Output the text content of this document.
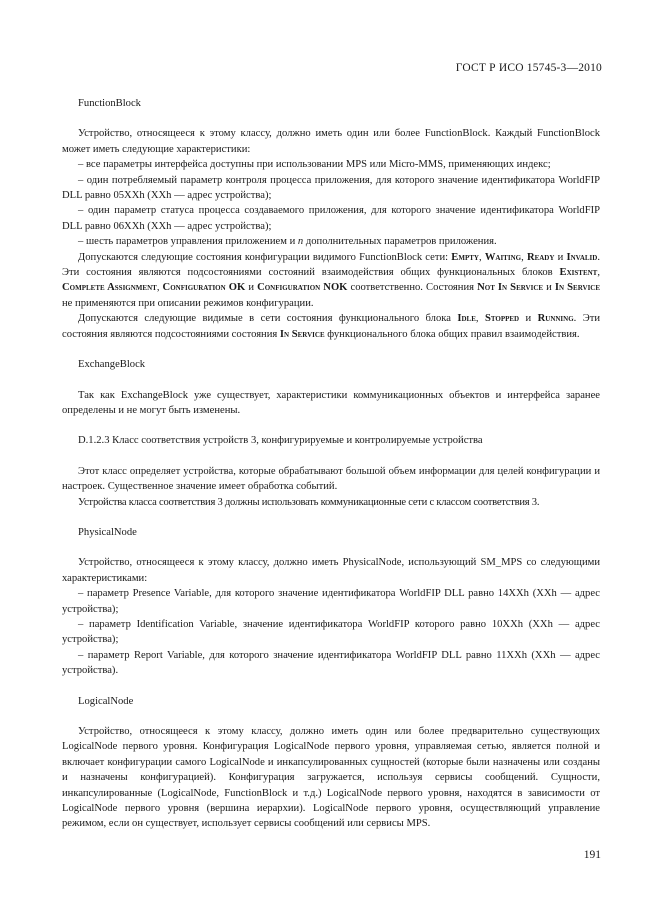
ГОСТ Р ИСО 15745-3—2010

FunctionBlock

Устройство, относящееся к этому классу, должно иметь один или более FunctionBlock. Каждый FunctionBlock может иметь следующие характеристики:

– все параметры интерфейса доступны при использовании MPS или Micro-MMS, применяющих индекс;

– один потребляемый параметр контроля процесса приложения, для которого значение идентификатора WorldFIP DLL равно 05XXh (XXh — адрес устройства);

– один параметр статуса процесса создаваемого приложения, для которого значение идентификатора WorldFIP DLL равно 06XXh (XXh — адрес устройства);

– шесть параметров управления приложением и n дополнительных параметров приложения.

Допускаются следующие состояния конфигурации видимого FunctionBlock сети: Empty, Waiting, Ready и Invalid. Эти состояния являются подсостояниями состояний взаимодействия общих функциональных блоков Existent, Complete Assignment, Configuration OK и Configuration NOK соответственно. Состояния Not In Service и In Service не применяются при описании режимов конфигурации.

Допускаются следующие видимые в сети состояния функционального блока Idle, Stopped и Running. Эти состояния являются подсостояниями состояния In Service функционального блока общих правил взаимодействия.

ExchangeBlock

Так как ExchangeBlock уже существует, характеристики коммуникационных объектов и интерфейса заранее определены и не могут быть изменены.

D.1.2.3 Класс соответствия устройств 3, конфигурируемые и контролируемые устройства

Этот класс определяет устройства, которые обрабатывают большой объем информации для целей конфигурации и настроек. Существенное значение имеет обработка событий.

Устройства класса соответствия 3 должны использовать коммуникационные сети с классом соответствия 3.

PhysicalNode

Устройство, относящееся к этому классу, должно иметь PhysicalNode, использующий SM_MPS со следующими характеристиками:

– параметр Presence Variable, для которого значение идентификатора WorldFIP DLL равно 14XXh (XXh — адрес устройства);

– параметр Identification Variable, значение идентификатора WorldFIP которого равно 10XXh (XXh — адрес устройства);

– параметр Report Variable, для которого значение идентификатора WorldFIP DLL равно 11XXh (XXh — адрес устройства).

LogicalNode

Устройство, относящееся к этому классу, должно иметь один или более предварительно существующих LogicalNode первого уровня. Конфигурация LogicalNode первого уровня, управляемая сетью, является полной и включает конфигурации самого LogicalNode и инкапсулированных сущностей (которые были назначены или созданы и назначены конфигурацией). Конфигурация загружается, используя сервисы сообщений. Сущности, инкапсулированные (LogicalNode, FunctionBlock и т.д.) LogicalNode первого уровня, находятся в зависимости от LogicalNode первого уровня (вершина иерархии). LogicalNode первого уровня, осуществляющий управление режимом, если он существует, использует сервисы сообщений или сервисы MPS.

191
